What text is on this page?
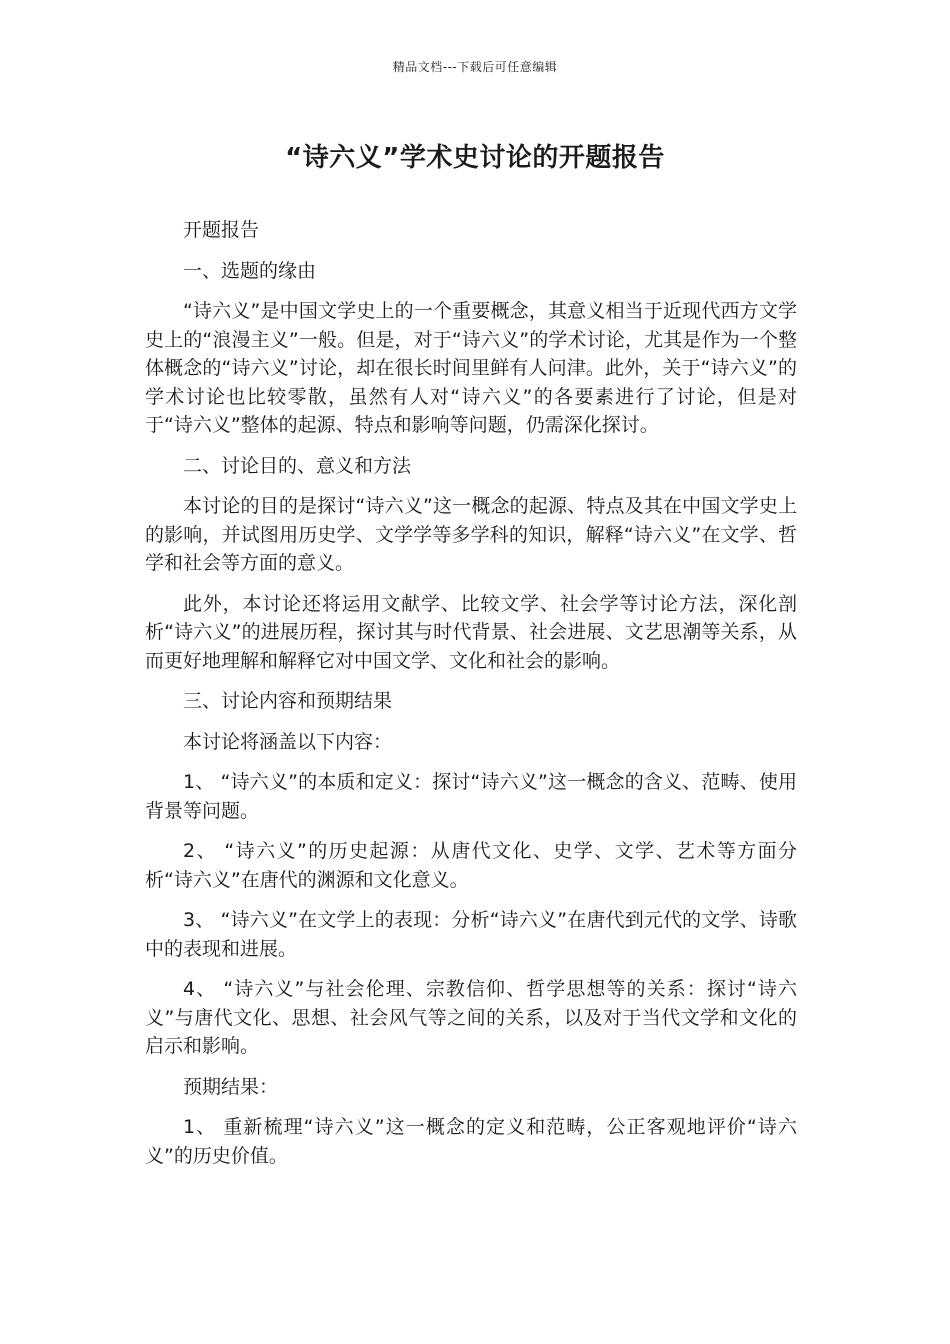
精品文档---下载后可任意编辑
“诗六义”学术史讨论的开题报告

开题报告

一、选题的缘由

“诗六义”是中国文学史上的一个重要概念，其意义相当于近现代西方文学史上的“浪漫主义”一般。但是，对于“诗六义”的学术讨论，尤其是作为一个整体概念的“诗六义”讨论，却在很长时间里鲜有人问津。此外，关于“诗六义”的学术讨论也比较零散，虽然有人对“诗六义”的各要素进行了讨论，但是对于“诗六义”整体的起源、特点和影响等问题，仍需深化探讨。

二、讨论目的、意义和方法

本讨论的目的是探讨“诗六义”这一概念的起源、特点及其在中国文学史上的影响，并试图用历史学、文学学等多学科的知识，解释“诗六义”在文学、哲学和社会等方面的意义。

此外，本讨论还将运用文献学、比较文学、社会学等讨论方法，深化剖析“诗六义”的进展历程，探讨其与时代背景、社会进展、文艺思潮等关系，从而更好地理解和解释它对中国文学、文化和社会的影响。

三、讨论内容和预期结果

本讨论将涵盖以下内容：

1、 “诗六义”的本质和定义：探讨“诗六义”这一概念的含义、范畴、使用背景等问题。

2、 “诗六义”的历史起源：从唐代文化、史学、文学、艺术等方面分析“诗六义”在唐代的渊源和文化意义。

3、 “诗六义”在文学上的表现：分析“诗六义”在唐代到元代的文学、诗歌中的表现和进展。

4、 “诗六义”与社会伦理、宗教信仰、哲学思想等的关系：探讨“诗六义”与唐代文化、思想、社会风气等之间的关系，以及对于当代文学和文化的启示和影响。

预期结果：

1、 重新梳理“诗六义”这一概念的定义和范畴，公正客观地评价“诗六义”的历史价值。
